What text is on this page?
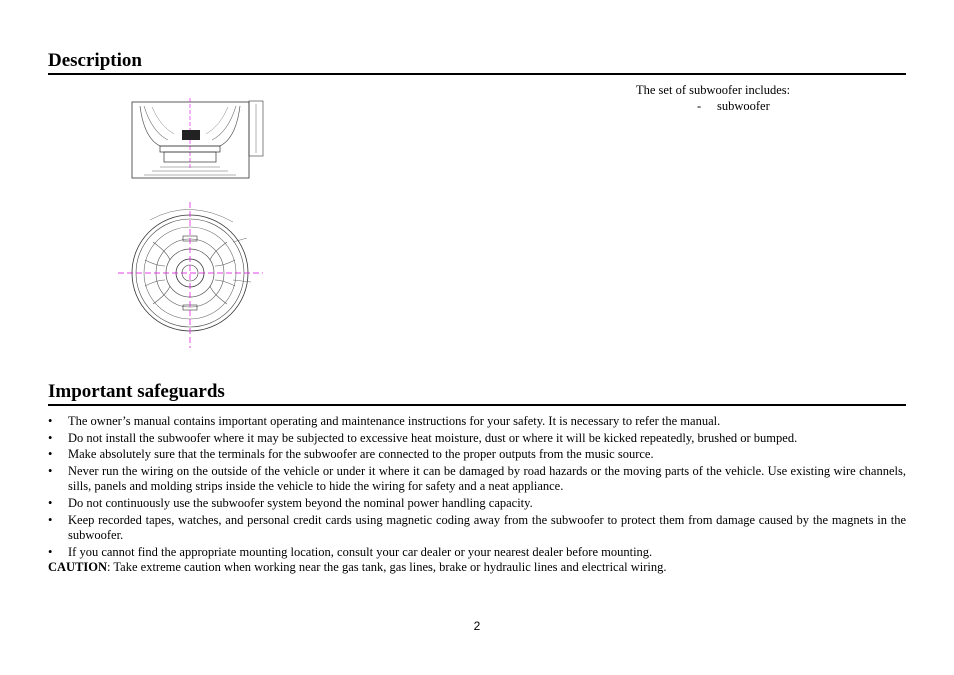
Description
The set of subwoofer includes:
- subwoofer
Important safeguards
• The owner’s manual contains important operating and maintenance instructions for your safety. It is necessary to refer the manual.
• Do not install the subwoofer where it may be subjected to excessive heat moisture, dust or where it will be kicked repeatedly, brushed or bumped.
• Make absolutely sure that the terminals for the subwoofer are connected to the proper outputs from the music source.
• Never run the wiring on the outside of the vehicle or under it where it can be damaged by road hazards or the moving parts of the vehicle. Use existing wire channels, sills, panels and molding strips inside the vehicle to hide the wiring for safety and a neat appliance.
• Do not continuously use the subwoofer system beyond the nominal power handling capacity.
• Keep recorded tapes, watches, and personal credit cards using magnetic coding away from the subwoofer to protect them from damage caused by the magnets in the subwoofer.
• If you cannot find the appropriate mounting location, consult your car dealer or your nearest dealer before mounting.
CAUTION: Take extreme caution when working near the gas tank, gas lines, brake or hydraulic lines and electrical wiring.
2
